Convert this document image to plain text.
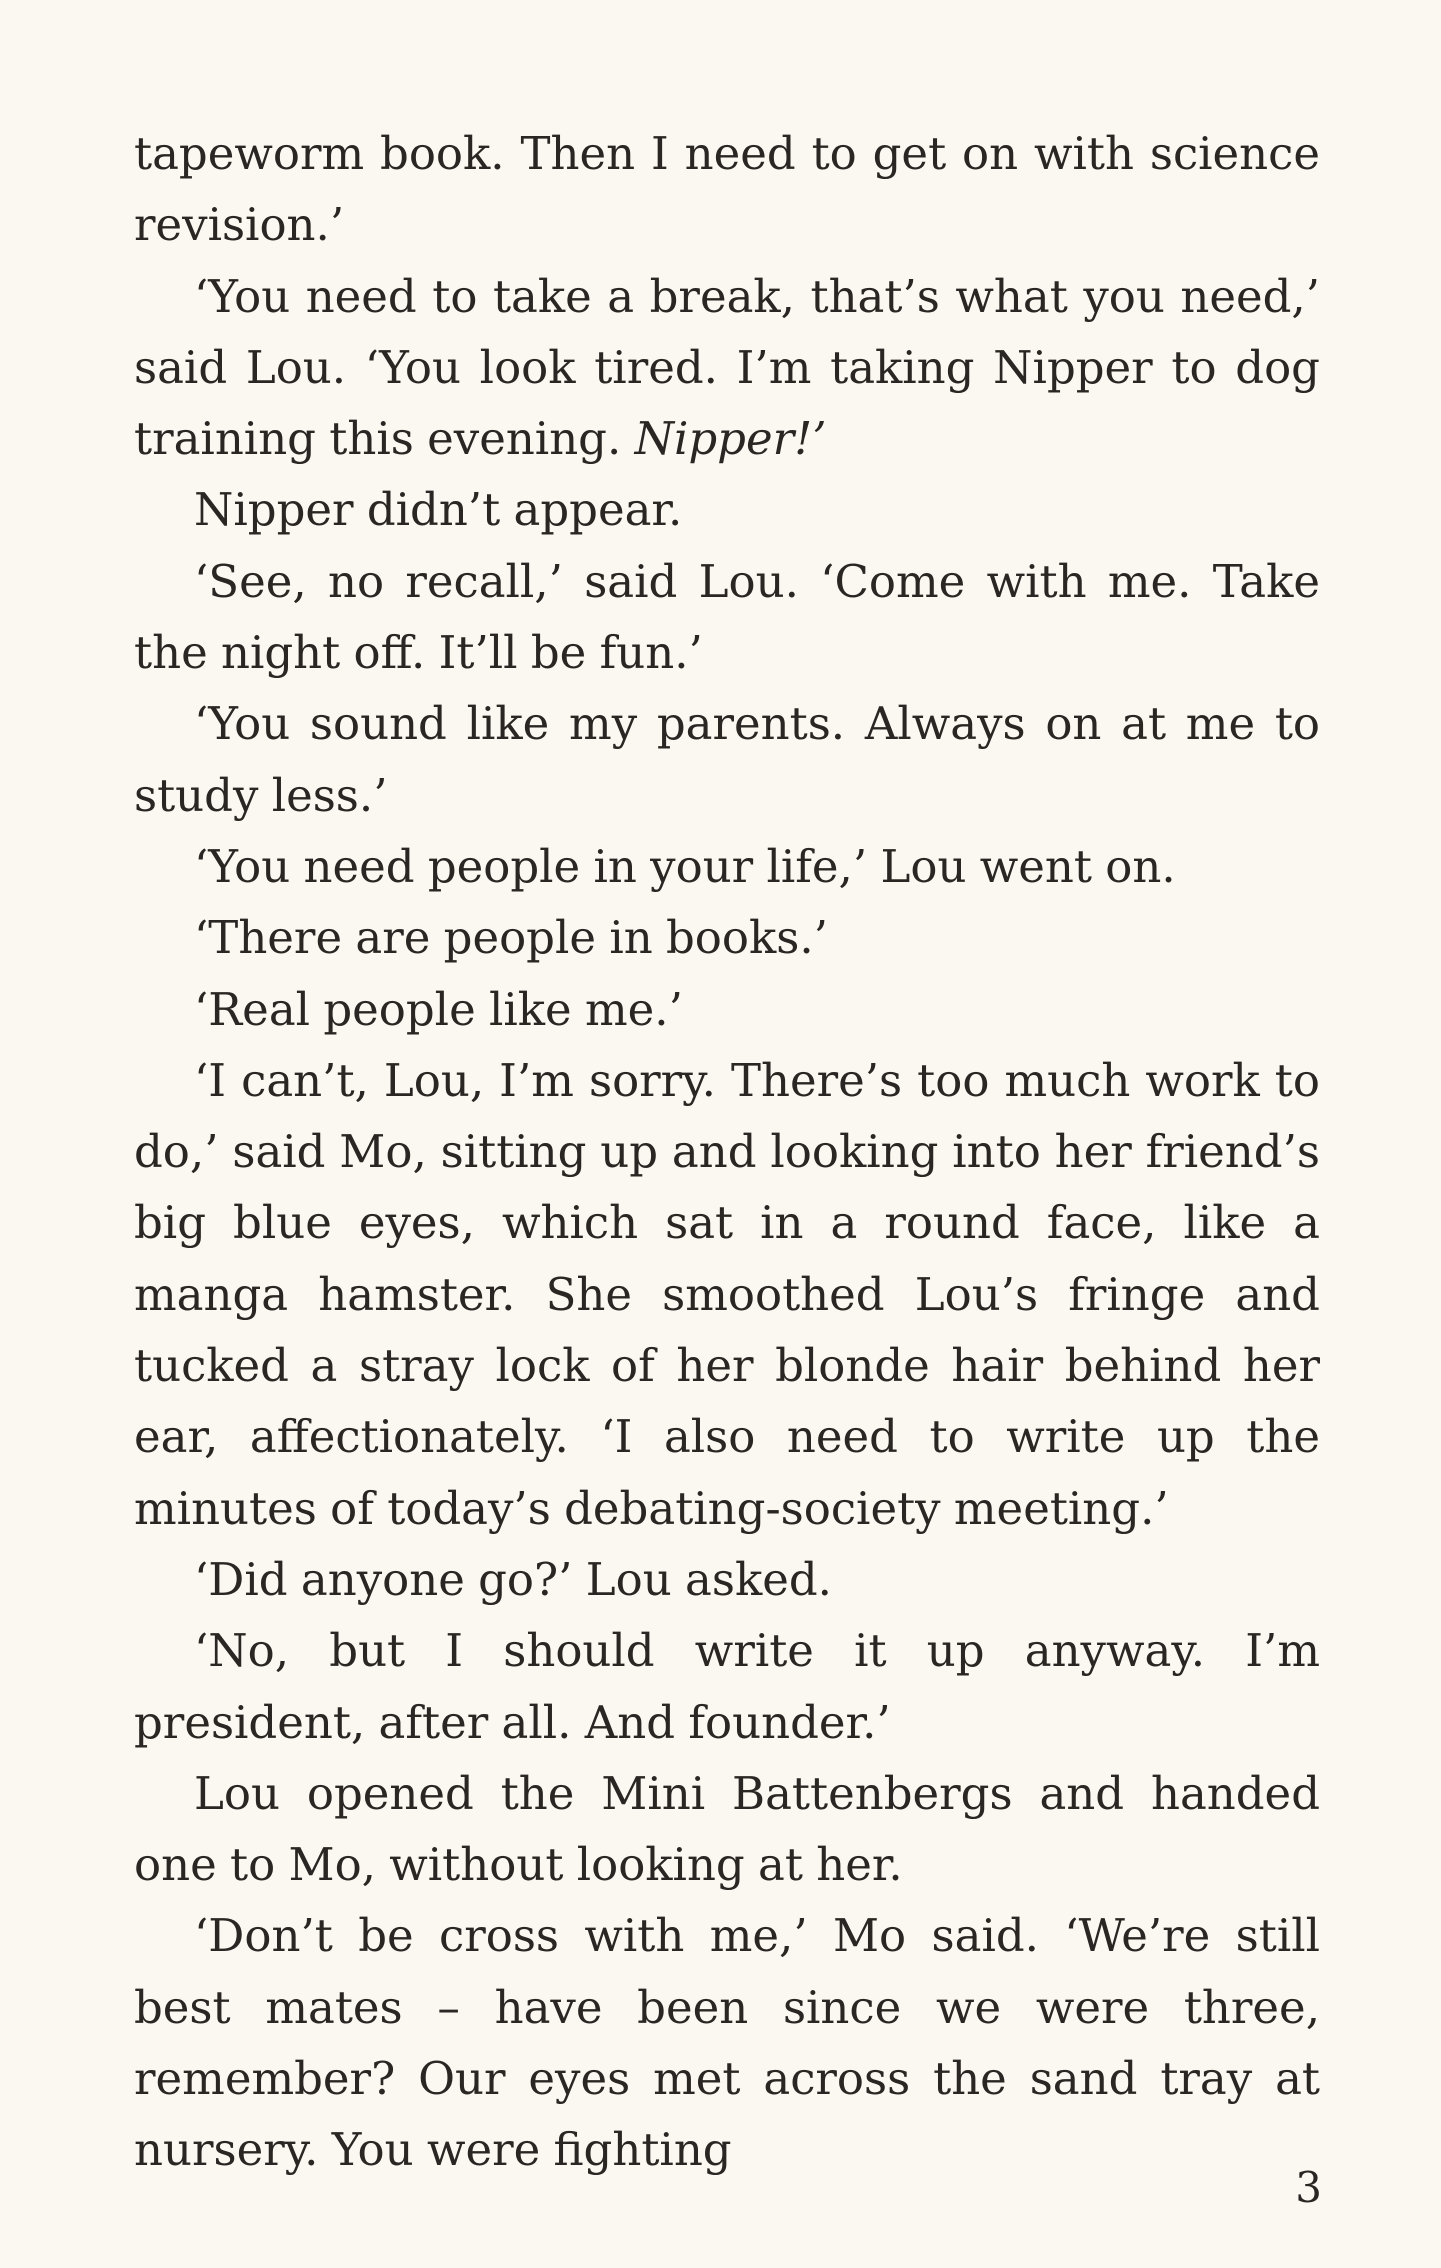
tapeworm book. Then I need to get on with science revision.’

‘You need to take a break, that’s what you need,’ said Lou. ‘You look tired. I’m taking Nipper to dog training this evening. Nipper!’

Nipper didn’t appear.

‘See, no recall,’ said Lou. ‘Come with me. Take the night off. It’ll be fun.’

‘You sound like my parents. Always on at me to study less.’

‘You need people in your life,’ Lou went on.

‘There are people in books.’

‘Real people like me.’

‘I can’t, Lou, I’m sorry. There’s too much work to do,’ said Mo, sitting up and looking into her friend’s big blue eyes, which sat in a round face, like a manga hamster. She smoothed Lou’s fringe and tucked a stray lock of her blonde hair behind her ear, affectionately. ‘I also need to write up the minutes of today’s debating-society meeting.’

‘Did anyone go?’ Lou asked.

‘No, but I should write it up anyway. I’m president, after all. And founder.’

Lou opened the Mini Battenbergs and handed one to Mo, without looking at her.

‘Don’t be cross with me,’ Mo said. ‘We’re still best mates – have been since we were three, remember? Our eyes met across the sand tray at nursery. You were fighting

3
